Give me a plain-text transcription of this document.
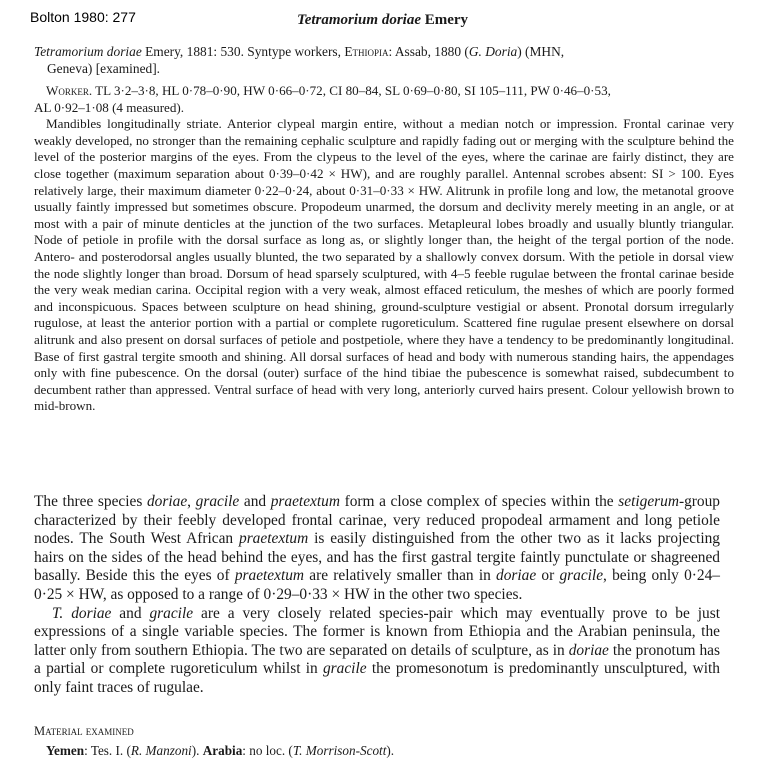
Bolton 1980: 277	Tetramorium doriae Emery
Tetramorium doriae Emery, 1881: 530. Syntype workers, Ethiopia: Assab, 1880 (G. Doria) (MHN,
Geneva) [examined].

Worker. TL 3·2–3·8, HL 0·78–0·90, HW 0·66–0·72, CI 80–84, SL 0·69–0·80, SI 105–111, PW 0·46–0·53,
AL 0·92–1·08 (4 measured).

Mandibles longitudinally striate. Anterior clypeal margin entire, without a median notch or impression. Frontal carinae very weakly developed, no stronger than the remaining cephalic sculpture and rapidly fading out or merging with the sculpture behind the level of the posterior margins of the eyes. From the clypeus to the level of the eyes, where the carinae are fairly distinct, they are close together (maximum separation about 0·39–0·42 × HW), and are roughly parallel. Antennal scrobes absent: SI > 100. Eyes relatively large, their maximum diameter 0·22–0·24, about 0·31–0·33 × HW. Alitrunk in profile long and low, the metanotal groove usually faintly impressed but sometimes obscure. Propodeum unarmed, the dorsum and declivity merely meeting in an angle, or at most with a pair of minute denticles at the junction of the two surfaces. Metapleural lobes broadly and usually bluntly triangular. Node of petiole in profile with the dorsal surface as long as, or slightly longer than, the height of the tergal portion of the node. Antero- and posterodorsal angles usually blunted, the two separated by a shallowly convex dorsum. With the petiole in dorsal view the node slightly longer than broad. Dorsum of head sparsely sculptured, with 4–5 feeble rugulae between the frontal carinae beside the very weak median carina. Occipital region with a very weak, almost effaced reticulum, the meshes of which are poorly formed and inconspicuous. Spaces between sculpture on head shining, ground-sculpture vestigial or absent. Pronotal dorsum irregularly rugulose, at least the anterior portion with a partial or complete rugoreticulum. Scattered fine rugulae present elsewhere on dorsal alitrunk and also present on dorsal surfaces of petiole and postpetiole, where they have a tendency to be predominantly longitudinal. Base of first gastral tergite smooth and shining. All dorsal surfaces of head and body with numerous standing hairs, the appendages only with fine pubescence. On the dorsal (outer) surface of the hind tibiae the pubescence is somewhat raised, subdecumbent to decumbent rather than appressed. Ventral surface of head with very long, anteriorly curved hairs present. Colour yellowish brown to mid-brown.

The three species doriae, gracile and praetextum form a close complex of species within the setigerum-group characterized by their feebly developed frontal carinae, very reduced propodeal armament and long petiole nodes. The South West African praetextum is easily distinguished from the other two as it lacks projecting hairs on the sides of the head behind the eyes, and has the first gastral tergite faintly punctulate or shagreened basally. Beside this the eyes of praetextum are relatively smaller than in doriae or gracile, being only 0·24–0·25 × HW, as opposed to a range of 0·29–0·33 × HW in the other two species.

T. doriae and gracile are a very closely related species-pair which may eventually prove to be just expressions of a single variable species. The former is known from Ethiopia and the Arabian peninsula, the latter only from southern Ethiopia. The two are separated on details of sculpture, as in doriae the pronotum has a partial or complete rugoreticulum whilst in gracile the promesonotum is predominantly unsculptured, with only faint traces of rugulae.

Material examined
Yemen: Tes. I. (R. Manzoni). Arabia: no loc. (T. Morrison-Scott).
